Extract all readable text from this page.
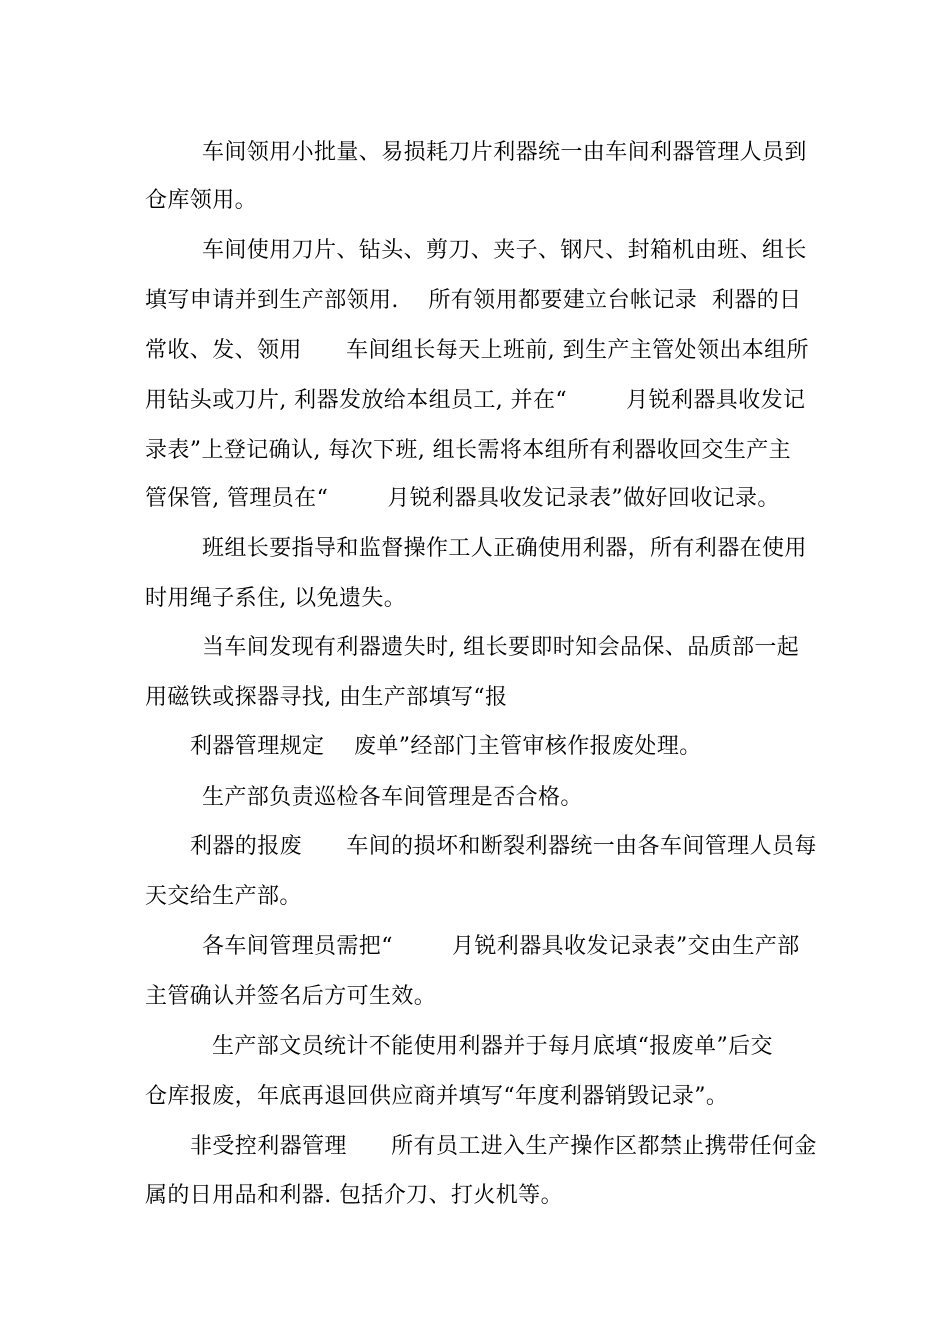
车间领用小批量、易损耗刀片利器统一由车间利器管理人员到
仓库领用。
车间使用刀片、钻头、剪刀、夹子、钢尺、封箱机由班、组长
填写申请并到生产部领用.    所有领用都要建立台帐记录  利器的日
常收、发、领用      车间组长每天上班前, 到生产主管处领出本组所
用钻头或刀片, 利器发放给本组员工, 并在“        月锐利器具收发记
录表”上登记确认, 每次下班, 组长需将本组所有利器收回交生产主
管保管, 管理员在“        月锐利器具收发记录表”做好回收记录。
班组长要指导和监督操作工人正确使用利器，所有利器在使用
时用绳子系住, 以免遗失。
当车间发现有利器遗失时, 组长要即时知会品保、品质部一起
用磁铁或探器寻找, 由生产部填写“报
利器管理规定    废单”经部门主管审核作报废处理。
生产部负责巡检各车间管理是否合格。
利器的报废      车间的损坏和断裂利器统一由各车间管理人员每
天交给生产部。
各车间管理员需把“        月锐利器具收发记录表”交由生产部
主管确认并签名后方可生效。
生产部文员统计不能使用利器并于每月底填“报废单”后交
仓库报废，年底再退回供应商并填写“年度利器销毁记录”。
非受控利器管理      所有员工进入生产操作区都禁止携带任何金
属的日用品和利器. 包括介刀、打火机等。
